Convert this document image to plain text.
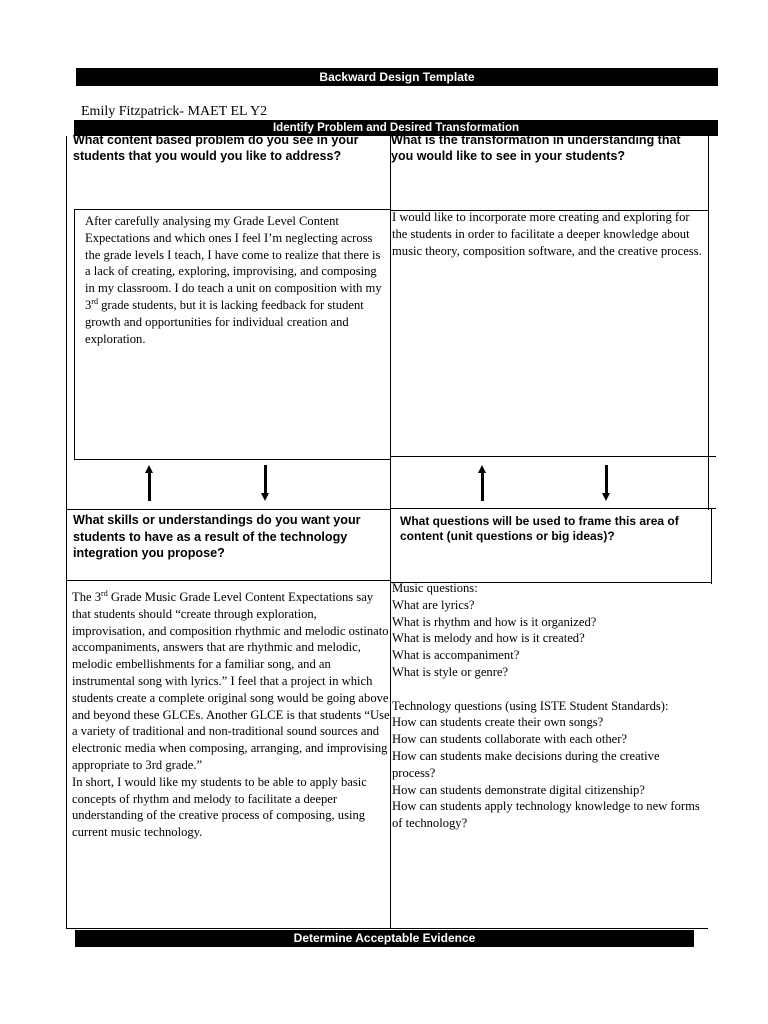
Backward Design Template
Emily Fitzpatrick- MAET EL Y2
Identify Problem and Desired Transformation
What content based problem do you see in your students that you would you like to address?
What is the transformation in understanding that you would like to see in your students?
After carefully analysing my Grade Level Content Expectations and which ones I feel I’m neglecting across the grade levels I teach, I have come to realize that there is a lack of creating, exploring, improvising, and composing in my classroom. I do teach a unit on composition with my 3rd grade students, but it is lacking feedback for student growth and opportunities for individual creation and exploration.
I would like to incorporate more creating and exploring for the students in order to facilitate a deeper knowledge about music theory, composition software, and the creative process.
What skills or understandings do you want your students to have as a result of the technology integration you propose?
What questions will be used to frame this area of content (unit questions or big ideas)?

The 3rd Grade Music Grade Level Content Expectations say that students should “create through exploration, improvisation, and composition rhythmic and melodic ostinato accompaniments, answers that are rhythmic and melodic, melodic embellishments for a familiar song, and an instrumental song with lyrics.” I feel that a project in which students create a complete original song would be going above and beyond these GLCEs. Another GLCE is that students “Use a variety of traditional and non-traditional sound sources and electronic media when composing, arranging, and improvising appropriate to 3rd grade.”

In short, I would like my students to be able to apply basic concepts of rhythm and melody to facilitate a deeper understanding of the creative process of composing, using current music technology.

Music questions:
What are lyrics?
What is rhythm and how is it organized?
What is melody and how is it created?
What is accompaniment?
What is style or genre?
Technology questions (using ISTE Student Standards):
How can students create their own songs?
How can students collaborate with each other?
How can students make decisions during the creative process?
How can students demonstrate digital citizenship?
How can students apply technology knowledge to new forms of technology?
Determine Acceptable Evidence
